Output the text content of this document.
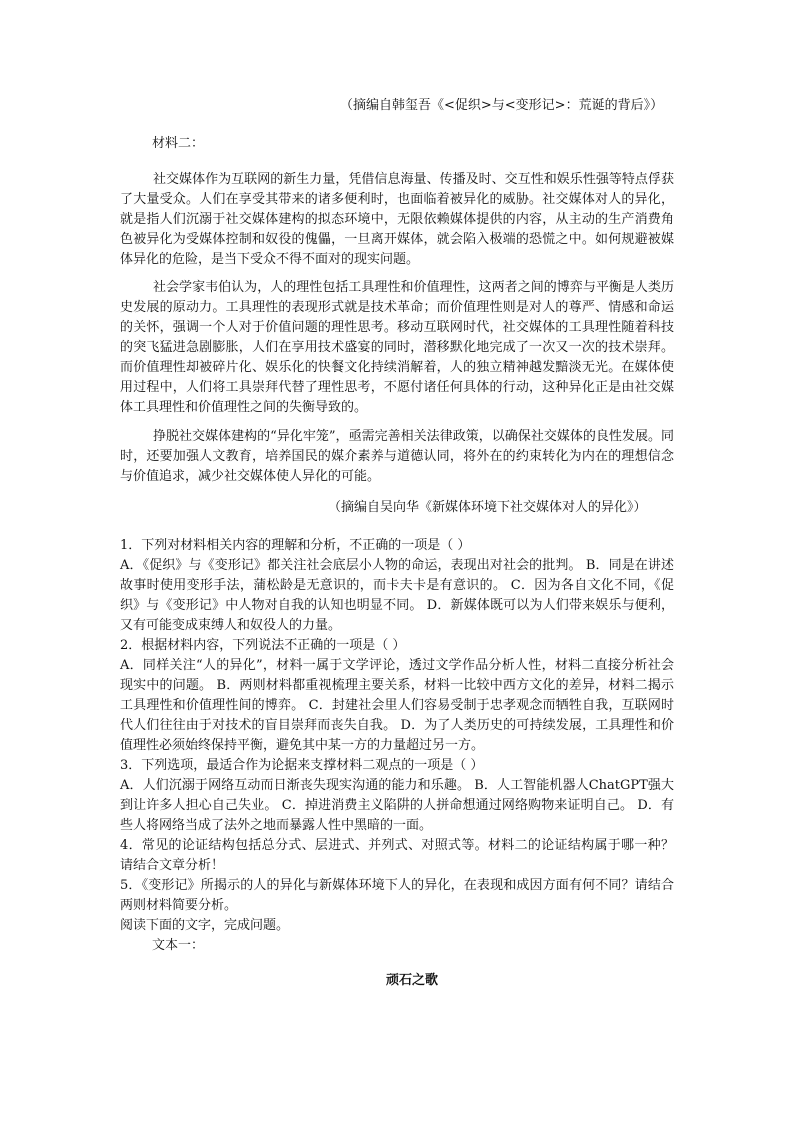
（摘编自韩玺吾《<促织>与<变形记>：荒诞的背后》）
材料二：

社交媒体作为互联网的新生力量，凭借信息海量、传播及时、交互性和娱乐性强等特点俘获了大量受众。人们在享受其带来的诸多便利时，也面临着被异化的威胁。社交媒体对人的异化，就是指人们沉溺于社交媒体建构的拟态环境中，无限依赖媒体提供的内容，从主动的生产消费角色被异化为受媒体控制和奴役的傀儡，一旦离开媒体，就会陷入极端的恐慌之中。如何规避被媒体异化的危险，是当下受众不得不面对的现实问题。

社会学家韦伯认为，人的理性包括工具理性和价值理性，这两者之间的博弈与平衡是人类历史发展的原动力。工具理性的表现形式就是技术革命；而价值理性则是对人的尊严、情感和命运的关怀，强调一个人对于价值问题的理性思考。移动互联网时代，社交媒体的工具理性随着科技的突飞猛进急剧膨胀，人们在享用技术盛宴的同时，潜移默化地完成了一次又一次的技术崇拜。而价值理性却被碎片化、娱乐化的快餐文化持续消解着，人的独立精神越发黯淡无光。在媒体使用过程中，人们将工具崇拜代替了理性思考，不愿付诸任何具体的行动，这种异化正是由社交媒体工具理性和价值理性之间的失衡导致的。

挣脱社交媒体建构的“异化牢笼”，亟需完善相关法律政策，以确保社交媒体的良性发展。同时，还要加强人文教育，培养国民的媒介素养与道德认同，将外在的约束转化为内在的理想信念与价值追求，减少社交媒体使人异化的可能。

（摘编自吴向华《新媒体环境下社交媒体对人的异化》）

1．下列对材料相关内容的理解和分析，不正确的一项是（ ）

A．《促织》与《变形记》都关注社会底层小人物的命运，表现出对社会的批判。 B．同是在讲述故事时使用变形手法，蒲松龄是无意识的，而卡夫卡是有意识的。 C．因为各自文化不同，《促织》与《变形记》中人物对自我的认知也明显不同。 D．新媒体既可以为人们带来娱乐与便利，又有可能变成束缚人和奴役人的力量。

2．根据材料内容，下列说法不正确的一项是（ ）

A．同样关注“人的异化”，材料一属于文学评论，透过文学作品分析人性，材料二直接分析社会现实中的问题。 B．两则材料都重视梳理主要关系，材料一比较中西方文化的差异，材料二揭示工具理性和价值理性间的博弈。 C．封建社会里人们容易受制于忠孝观念而牺牲自我，互联网时代人们往往由于对技术的盲目崇拜而丧失自我。 D．为了人类历史的可持续发展，工具理性和价值理性必须始终保持平衡，避免其中某一方的力量超过另一方。

3．下列选项，最适合作为论据来支撑材料二观点的一项是（ ）

A．人们沉溺于网络互动而日渐丧失现实沟通的能力和乐趣。 B．人工智能机器人ChatGPT强大到让许多人担心自己失业。 C．掉进消费主义陷阱的人拼命想通过网络购物来证明自己。 D．有些人将网络当成了法外之地而暴露人性中黑暗的一面。

4．常见的论证结构包括总分式、层进式、并列式、对照式等。材料二的论证结构属于哪一种？请结合文章分析！

5．《变形记》所揭示的人的异化与新媒体环境下人的异化，在表现和成因方面有何不同？请结合两则材料简要分析。

阅读下面的文字，完成问题。

文本一：
顽石之歌
